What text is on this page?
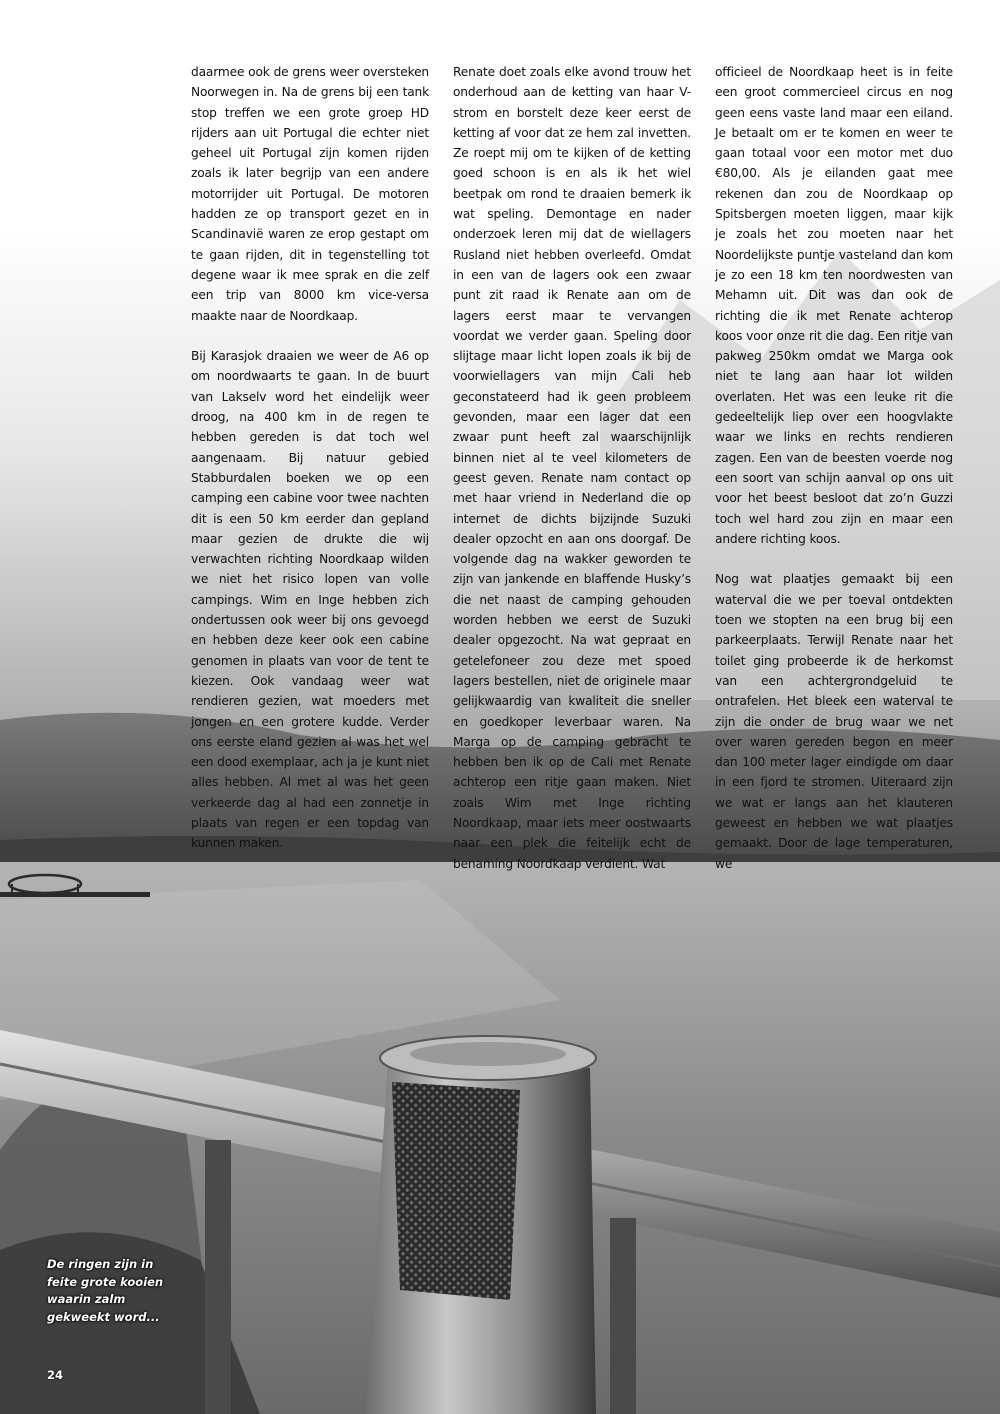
daarmee ook de grens weer oversteken Noorwegen in. Na de grens bij een tank stop treffen we een grote groep HD rijders aan uit Portugal die echter niet geheel uit Portugal zijn komen rijden zoals ik later begrijp van een andere motorrijder uit Portugal. De motoren hadden ze op transport gezet en in Scandinavië waren ze erop gestapt om te gaan rijden, dit in tegenstelling tot degene waar ik mee sprak en die zelf een trip van 8000 km vice-versa maakte naar de Noordkaap.

Bij Karasjok draaien we weer de A6 op om noordwaarts te gaan. In de buurt van Lakselv word het eindelijk weer droog, na 400 km in de regen te hebben gereden is dat toch wel aangenaam. Bij natuur gebied Stabburdalen boeken we op een camping een cabine voor twee nachten dit is een 50 km eerder dan gepland maar gezien de drukte die wij verwachten richting Noordkaap wilden we niet het risico lopen van volle campings. Wim en Inge hebben zich ondertussen ook weer bij ons gevoegd en hebben deze keer ook een cabine genomen in plaats van voor de tent te kiezen. Ook vandaag weer wat rendieren gezien, wat moeders met jongen en een grotere kudde. Verder ons eerste eland gezien al was het wel een dood exemplaar, ach ja je kunt niet alles hebben. Al met al was het geen verkeerde dag al had een zonnetje in plaats van regen er een topdag van kunnen maken.

Renate doet zoals elke avond trouw het onderhoud aan de ketting van haar V-strom en borstelt deze keer eerst de ketting af voor dat ze hem zal invetten. Ze roept mij om te kijken of de ketting goed schoon is en als ik het wiel beetpak om rond te draaien bemerk ik wat speling. Demontage en nader onderzoek leren mij dat de wiellagers Rusland niet hebben overleefd. Omdat in een van de lagers ook een zwaar punt zit raad ik Renate aan om de lagers eerst maar te vervangen voordat we verder gaan. Speling door slijtage maar licht lopen zoals ik bij de voorwiellagers van mijn Cali heb geconstateerd had ik geen probleem gevonden, maar een lager dat een zwaar punt heeft zal waarschijnlijk binnen niet al te veel kilometers de geest geven. Renate nam contact op met haar vriend in Nederland die op internet de dichts bijzijnde Suzuki dealer opzocht en aan ons doorgaf. De volgende dag na wakker geworden te zijn van jankende en blaffende Husky’s die net naast de camping gehouden worden hebben we eerst de Suzuki dealer opgezocht. Na wat gepraat en getelefoneer zou deze met spoed lagers bestellen, niet de originele maar gelijkwaardig van kwaliteit die sneller en goedkoper leverbaar waren. Na Marga op de camping gebracht te hebben ben ik op de Cali met Renate achterop een ritje gaan maken. Niet zoals Wim met Inge richting Noordkaap, maar iets meer oostwaarts naar een plek die feitelijk echt de benaming Noordkaap verdient. Wat

officieel de Noordkaap heet is in feite een groot commercieel circus en nog geen eens vaste land maar een eiland. Je betaalt om er te komen en weer te gaan totaal voor een motor met duo €80,00. Als je eilanden gaat mee rekenen dan zou de Noordkaap op Spitsbergen moeten liggen, maar kijk je zoals het zou moeten naar het Noordelijkste puntje vasteland dan kom je zo een 18 km ten noordwesten van Mehamn uit. Dit was dan ook de richting die ik met Renate achterop koos voor onze rit die dag. Een ritje van pakweg 250km omdat we Marga ook niet te lang aan haar lot wilden overlaten. Het was een leuke rit die gedeeltelijk liep over een hoogvlakte waar we links en rechts rendieren zagen. Een van de beesten voerde nog een soort van schijn aanval op ons uit voor het beest besloot dat zo’n Guzzi toch wel hard zou zijn en maar een andere richting koos.

Nog wat plaatjes gemaakt bij een waterval die we per toeval ontdekten toen we stopten na een brug bij een parkeerplaats. Terwijl Renate naar het toilet ging probeerde ik de herkomst van een achtergrondgeluid te ontrafelen. Het bleek een waterval te zijn die onder de brug waar we net over waren gereden begon en meer dan 100 meter lager eindigde om daar in een fjord te stromen. Uiteraard zijn we wat er langs aan het klauteren geweest en hebben we wat plaatjes gemaakt. Door de lage temperaturen, we

De ringen zijn in feite grote kooien waarin zalm gekweekt word...

24
